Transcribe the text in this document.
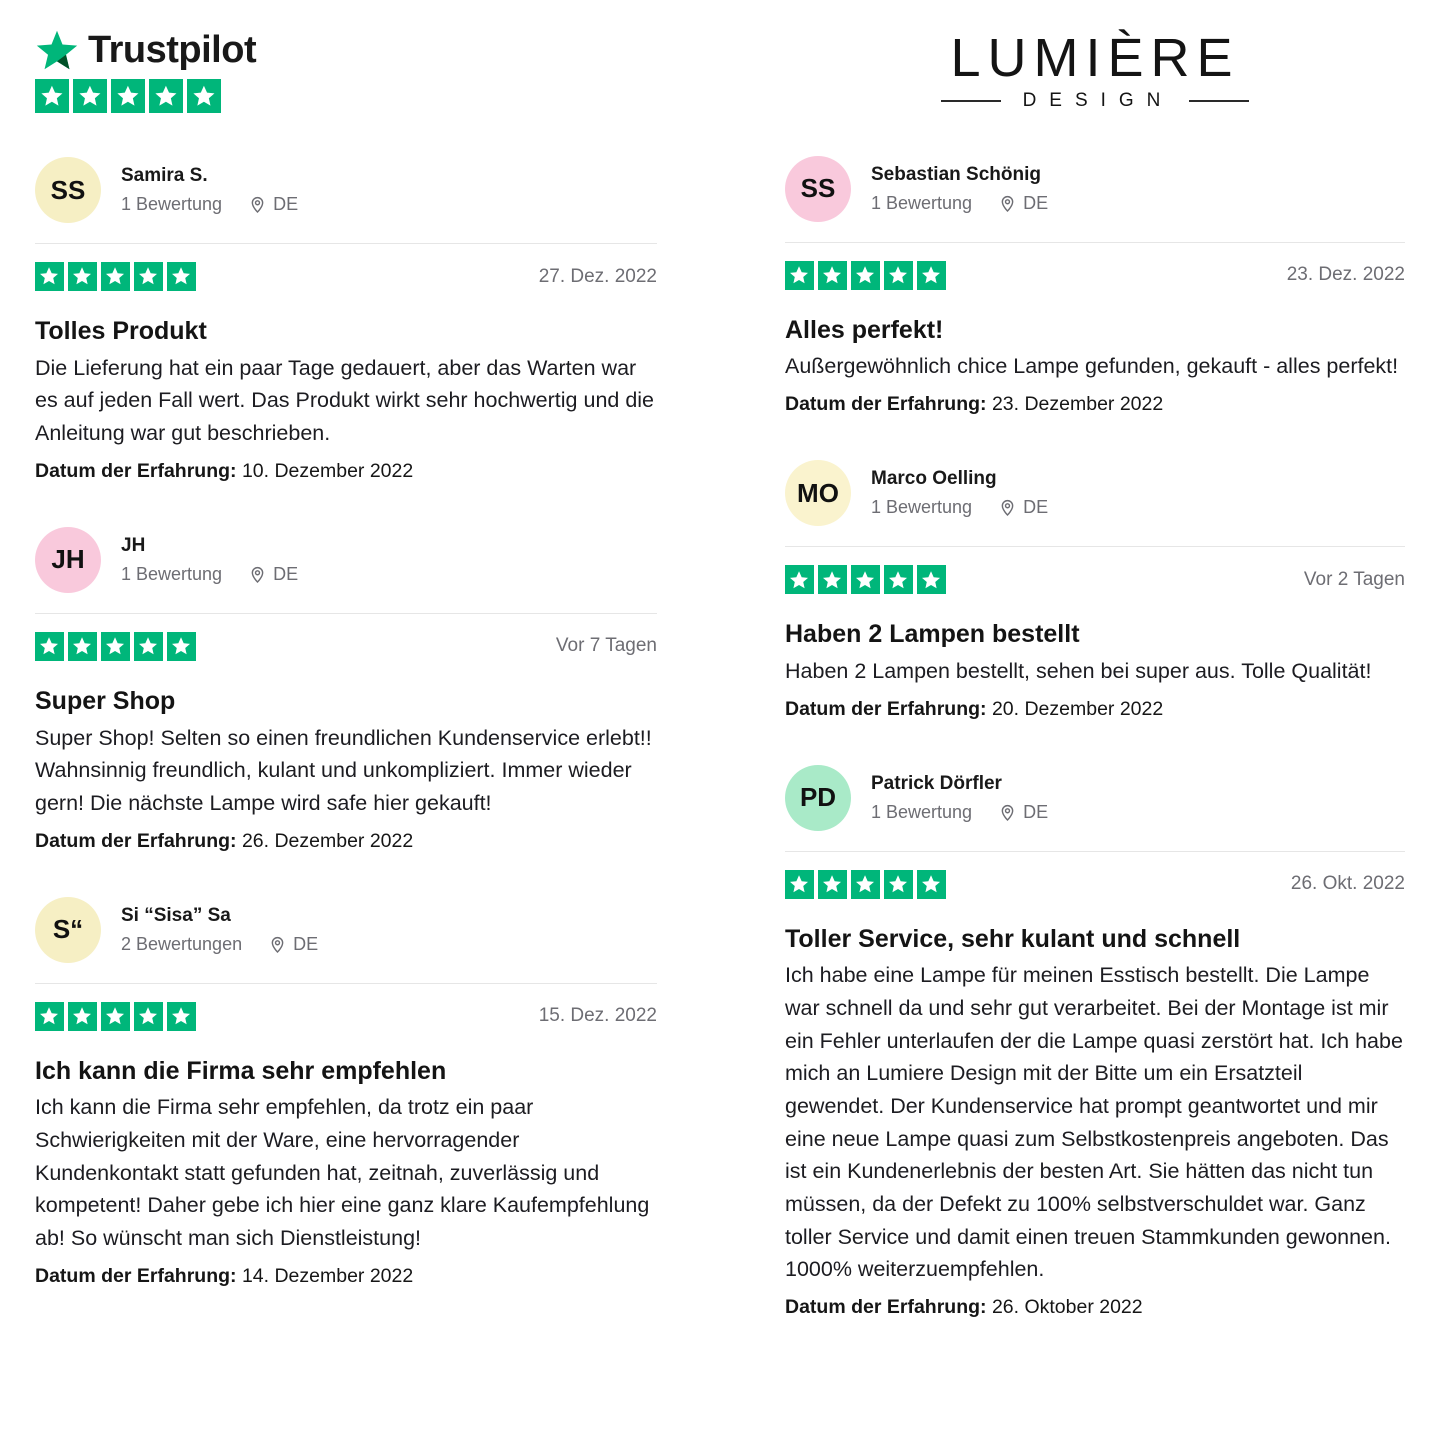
Trustpilot
SS	Samira S.
1 Bewertung	DE
27. Dez. 2022
Tolles Produkt

Die Lieferung hat ein paar Tage gedauert, aber das Warten war es auf jeden Fall wert. Das Produkt wirkt sehr hochwertig und die Anleitung war gut beschrieben.

Datum der Erfahrung: 10. Dezember 2022
JH	JH
1 Bewertung	DE
Vor 7 Tagen
Super Shop

Super Shop! Selten so einen freundlichen Kundenservice erlebt!! Wahnsinnig freundlich, kulant und unkompliziert. Immer wieder gern! Die nächste Lampe wird safe hier gekauft!

Datum der Erfahrung: 26. Dezember 2022
S“	Si “Sisa” Sa
2 Bewertungen	DE
15. Dez. 2022
Ich kann die Firma sehr empfehlen

Ich kann die Firma sehr empfehlen, da trotz ein paar Schwierigkeiten mit der Ware, eine hervorragender Kundenkontakt statt gefunden hat, zeitnah, zuverlässig und kompetent! Daher gebe ich hier eine ganz klare Kaufempfehlung ab! So wünscht man sich Dienstleistung!

Datum der Erfahrung: 14. Dezember 2022
LUMIÈRE
DESIGN
SS	Sebastian Schönig
1 Bewertung	DE
23. Dez. 2022
Alles perfekt!

Außergewöhnlich chice Lampe gefunden, gekauft - alles perfekt!

Datum der Erfahrung: 23. Dezember 2022
MO	Marco Oelling
1 Bewertung	DE
Vor 2 Tagen
Haben 2 Lampen bestellt

Haben 2 Lampen bestellt, sehen bei super aus. Tolle Qualität!

Datum der Erfahrung: 20. Dezember 2022
PD	Patrick Dörfler
1 Bewertung	DE
26. Okt. 2022
Toller Service, sehr kulant und schnell

Ich habe eine Lampe für meinen Esstisch bestellt. Die Lampe war schnell da und sehr gut verarbeitet. Bei der Montage ist mir ein Fehler unterlaufen der die Lampe quasi zerstört hat. Ich habe mich an Lumiere Design mit der Bitte um ein Ersatzteil gewendet. Der Kundenservice hat prompt geantwortet und mir eine neue Lampe quasi zum Selbstkostenpreis angeboten. Das ist ein Kundenerlebnis der besten Art. Sie hätten das nicht tun müssen, da der Defekt zu 100% selbstverschuldet war. Ganz toller Service und damit einen treuen Stammkunden gewonnen. 1000% weiterzuempfehlen.

Datum der Erfahrung: 26. Oktober 2022
